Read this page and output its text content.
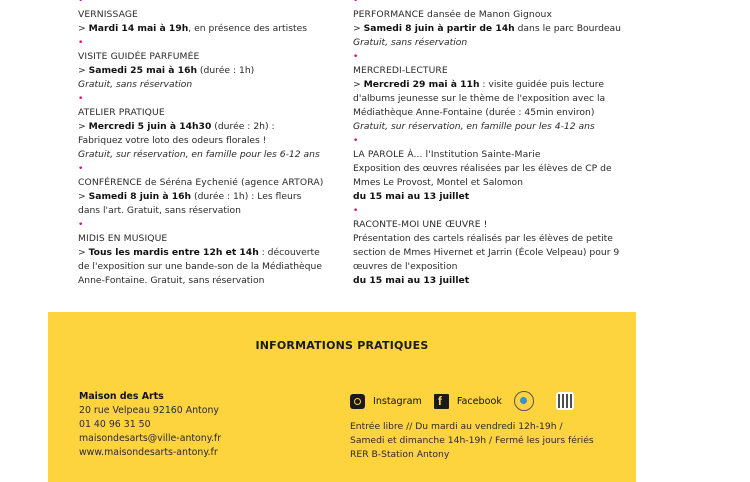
•
VERNISSAGE
> Mardi 14 mai à 19h, en présence des artistes
•
VISITE GUIDÉE PARFUMÉE
> Samedi 25 mai à 16h (durée : 1h)
Gratuit, sans réservation
•
ATELIER PRATIQUE
> Mercredi 5 juin à 14h30 (durée : 2h) :
Fabriquez votre loto des odeurs florales !
Gratuit, sur réservation, en famille pour les 6-12 ans
•
CONFÉRENCE de Séréna Eychenié (agence ARTORA)
> Samedi 8 juin à 16h (durée : 1h) : Les fleurs
dans l'art. Gratuit, sans réservation
•
MIDIS EN MUSIQUE
> Tous les mardis entre 12h et 14h : découverte
de l'exposition sur une bande-son de la Médiathèque
Anne-Fontaine. Gratuit, sans réservation
•
PERFORMANCE dansée de Manon Gignoux
> Samedi 8 juin à partir de 14h dans le parc Bourdeau
Gratuit, sans réservation
•
MERCREDI-LECTURE
> Mercredi 29 mai à 11h : visite guidée puis lecture
d'albums jeunesse sur le thème de l'exposition avec la Médiathèque Anne-Fontaine (durée : 45min environ)
Gratuit, sur réservation, en famille pour les 4-12 ans
•
LA PAROLE À... l'Institution Sainte-Marie
Exposition des œuvres réalisées par les élèves de CP de Mmes Le Provost, Montel et Salomon
du 15 mai au 13 juillet
•
RACONTE-MOI UNE ŒUVRE !
Présentation des cartels réalisés par les élèves de petite section de Mmes Hivernet et Jarrin (École Velpeau) pour 9 œuvres de l'exposition
du 15 mai au 13 juillet
INFORMATIONS PRATIQUES
Maison des Arts
20 rue Velpeau 92160 Antony
01 40 96 31 50
maisondesarts@ville-antony.fr
www.maisondesarts-antony.fr
Instagram
f	Facebook
Entrée libre // Du mardi au vendredi 12h-19h /
Samedi et dimanche 14h-19h / Fermé les jours fériés
RER B-Station Antony
